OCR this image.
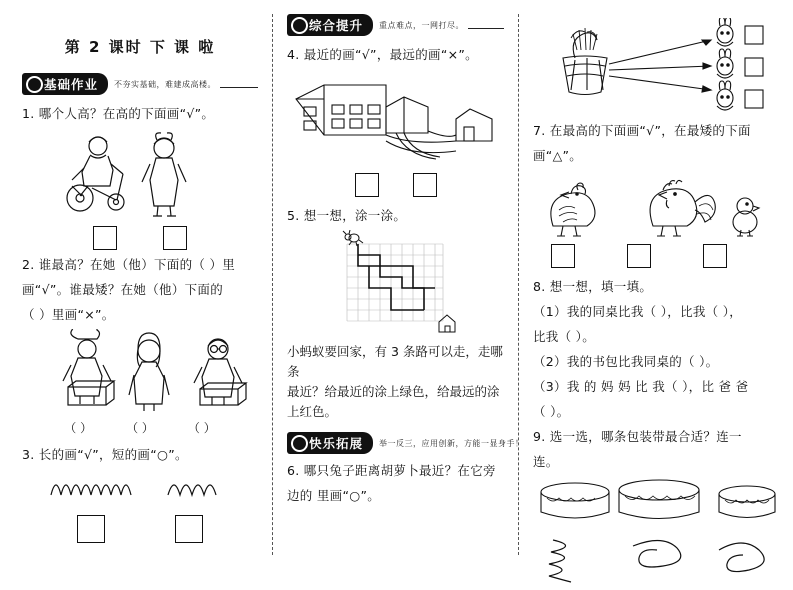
第 2 课时 下 课 啦
基础作业	不夯实基础，难建成高楼。
1. 哪个人高？在高的下面画“√”。
2. 谁最高？在她（他）下面的（ ）里
画“√”。谁最矮？在她（他）下面的
（ ）里画“×”。
（ ）	（ ）	（ ）
3. 长的画“√”，短的画“○”。
综合提升	重点难点，一网打尽。
4. 最近的画“√”，最远的画“×”。
5. 想一想，涂一涂。
小蚂蚁要回家，有 3 条路可以走，走哪条
最近？给最近的涂上绿色，给最远的涂
上红色。
快乐拓展	举一反三，应用创新，方能一显身手！
6. 哪只兔子距离胡萝卜最近？在它旁
边的 里画“○”。
7. 在最高的下面画“√”，在最矮的下面
画“△”。
8. 想一想，填一填。
（1）我的同桌比我（ ），比我（ ），
比我（ ）。
（2）我的书包比我同桌的（ ）。
（3）我 的 妈 妈 比 我（ ），比 爸 爸
（ ）。
9. 选一选，哪条包装带最合适？连一
连。
